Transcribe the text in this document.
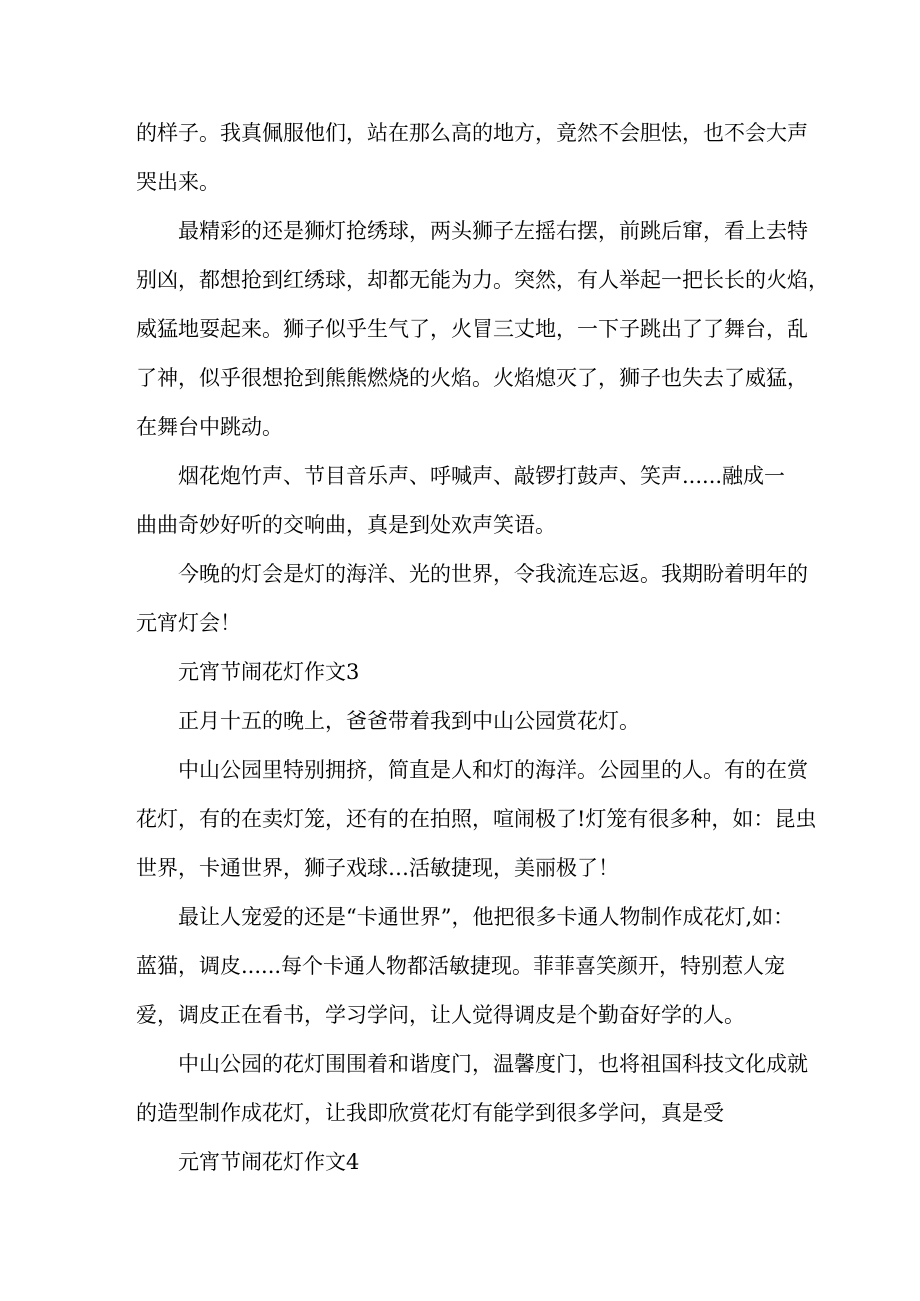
的样子。我真佩服他们，站在那么高的地方，竟然不会胆怯，也不会大声

哭出来。

最精彩的还是狮灯抢绣球，两头狮子左摇右摆，前跳后窜，看上去特

别凶，都想抢到红绣球，却都无能为力。突然，有人举起一把长长的火焰，

威猛地耍起来。狮子似乎生气了，火冒三丈地，一下子跳出了了舞台，乱

了神，似乎很想抢到熊熊燃烧的火焰。火焰熄灭了，狮子也失去了威猛，

在舞台中跳动。

烟花炮竹声、节目音乐声、呼喊声、敲锣打鼓声、笑声......融成一

曲曲奇妙好听的交响曲，真是到处欢声笑语。

今晚的灯会是灯的海洋、光的世界，令我流连忘返。我期盼着明年的

元宵灯会！

元宵节闹花灯作文3

正月十五的晚上，爸爸带着我到中山公园赏花灯。

中山公园里特别拥挤，简直是人和灯的海洋。公园里的人。有的在赏

花灯，有的在卖灯笼，还有的在拍照，喧闹极了!灯笼有很多种，如：昆虫

世界，卡通世界，狮子戏球…活敏捷现，美丽极了！

最让人宠爱的还是“卡通世界”，他把很多卡通人物制作成花灯,如：

蓝猫，调皮......每个卡通人物都活敏捷现。菲菲喜笑颜开，特别惹人宠

爱，调皮正在看书，学习学问，让人觉得调皮是个勤奋好学的人。

中山公园的花灯围围着和谐度门，温馨度门，也将祖国科技文化成就

的造型制作成花灯，让我即欣赏花灯有能学到很多学问，真是受

元宵节闹花灯作文4
